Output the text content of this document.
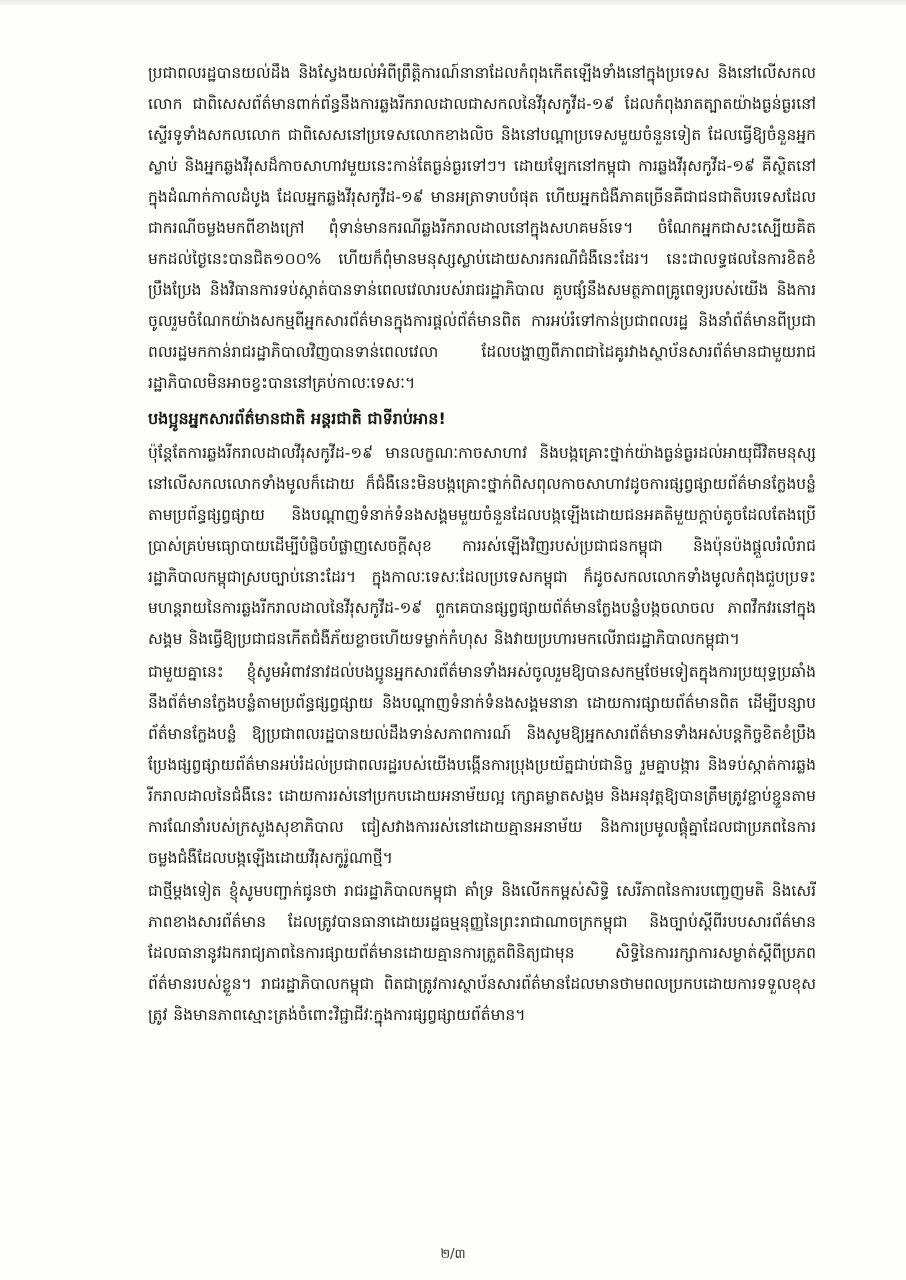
ប្រជាពលរដ្ឋបានយល់ដឹង និងស្វែងយល់អំពីព្រឹត្តិការណ៍នានាដែលកំពុងកើតឡើងទាំងនៅក្នុងប្រទេស និងនៅលើសកលលោក ជាពិសេសព័ត៌មានពាក់ព័ន្ធនឹងការឆ្លងរីករាលដាលជាសកលនៃវីរុសកូវីដ-១៩ ដែលកំពុងរាតត្បាតយ៉ាងធ្ងន់ធ្ងរនៅស្ទើរទូទាំងសកលលោក ជាពិសេសនៅប្រទេសលោកខាងលិច និងនៅបណ្តាប្រទេសមួយចំនួនទៀត ដែលធ្វើឱ្យចំនួនអ្នកស្លាប់ និងអ្នកឆ្លងវីរុសដ៏កាចសាហាវមួយនេះកាន់តែធ្ងន់ធ្ងរទៅៗ។ ដោយឡែកនៅកម្ពុជា ការឆ្លងវីរុសកូវីដ-១៩ គឺស្ថិតនៅក្នុងដំណាក់កាលដំបូង ដែលអ្នកឆ្លងវីរុសកូវីដ-១៩ មានអត្រាទាបបំផុត ហើយអ្នកជំងឺភាគច្រើនគឺជាជនជាតិបរទេសដែលជាករណីចម្លងមកពីខាងក្រៅ ពុំទាន់មានករណីឆ្លងរីករាលដាលនៅក្នុងសហគមន៍ទេ។ ចំណែកអ្នកជាសះស្បើយគិតមកដល់ថ្ងៃនេះបានជិត១០០% ហើយក៏ពុំមានមនុស្សស្លាប់ដោយសារករណីជំងឺនេះដែរ។ នេះជាលទ្ធផលនៃការខិតខំប្រឹងប្រែង និងវិធានការទប់ស្កាត់បានទាន់ពេលវេលារបស់រាជរដ្ឋាភិបាល គួបផ្សំនឹងសមត្ថភាពគ្រូពេទ្យរបស់យើង និងការចូលរួមចំណែកយ៉ាងសកម្មពីអ្នកសារព័ត៌មានក្នុងការផ្តល់ព័ត៌មានពិត ការអប់រំទៅកាន់ប្រជាពលរដ្ឋ និងនាំព័ត៌មានពីប្រជាពលរដ្ឋមកកាន់រាជរដ្ឋាភិបាលវិញបានទាន់ពេលវេលា ដែលបង្ហាញពីភាពជាដៃគូរវាងស្ថាប័នសារព័ត៌មានជាមួយរាជរដ្ឋាភិបាលមិនអាចខ្វះបាននៅគ្រប់កាលៈទេសៈ។

បងប្អូនអ្នកសារព័ត៌មានជាតិ អន្តរជាតិ ជាទីរាប់អាន!

ប៉ុន្តែតែការឆ្លងរីករាលដាលវីរុសកូវីដ-១៩ មានលក្ខណៈកាចសាហាវ និងបង្កគ្រោះថ្នាក់យ៉ាងធ្ងន់ធ្ងរដល់អាយុជីវិតមនុស្សនៅលើសកលលោកទាំងមូលក៏ដោយ ក៏ជំងឺនេះមិនបង្កគ្រោះថ្នាក់ពិសពុលកាចសាហាវដូចការផ្សព្វផ្សាយព័ត៌មានក្លែងបន្លំតាមប្រព័ន្ធផ្សព្វផ្សាយ និងបណ្តាញទំនាក់ទំនងសង្គមមួយចំនួនដែលបង្កឡើងដោយជនអគតិមួយក្តាប់តូចដែលតែងប្រើប្រាស់គ្រប់មធ្យោបាយដើម្បីបំផ្លិចបំផ្លាញសេចក្តីសុខ ការរស់ឡើងវិញរបស់ប្រជាជនកម្ពុជា និងប៉ុនប៉ងផ្តួលរំលំរាជរដ្ឋាភិបាលកម្ពុជាស្របច្បាប់នោះដែរ។ ក្នុងកាលៈទេសៈដែលប្រទេសកម្ពុជា ក៏ដូចសកលលោកទាំងមូលកំពុងជួបប្រទះមហន្តរាយនៃការឆ្លងរីករាលដាលនៃវីរុសកូវីដ-១៩ ពួកគេបានផ្សព្វផ្សាយព័ត៌មានក្លែងបន្លំបង្កចលាចល ភាពវឹកវរនៅក្នុងសង្គម និងធ្វើឱ្យប្រជាជនកើតជំងឺភ័យខ្លាចហើយទម្លាក់កំហុស និងវាយប្រហារមកលើរាជរដ្ឋាភិបាលកម្ពុជា។

ជាមួយគ្នានេះ ខ្ញុំសូមអំពាវនាវដល់បងប្អូនអ្នកសារព័ត៌មានទាំងអស់ចូលរួមឱ្យបានសកម្មថែមទៀតក្នុងការប្រយុទ្ធប្រឆាំងនឹងព័ត៌មានក្លែងបន្លំតាមប្រព័ន្ធផ្សព្វផ្សាយ និងបណ្តាញទំនាក់ទំនងសង្គមនានា ដោយការផ្សាយព័ត៌មានពិត ដើម្បីបន្សាបព័ត៌មានក្លែងបន្លំ ឱ្យប្រជាពលរដ្ឋបានយល់ដឹងទាន់សភាពការណ៍ និងសូមឱ្យអ្នកសារព័ត៌មានទាំងអស់បន្តកិច្ចខិតខំប្រឹងប្រែងផ្សព្វផ្សាយព័ត៌មានអប់រំដល់ប្រជាពលរដ្ឋរបស់យើងបង្កើនការប្រុងប្រយ័ត្នជាប់ជានិច្ច រួមគ្នាបង្ការ និងទប់ស្កាត់ការឆ្លងរីករាលដាលនៃជំងឺនេះ ដោយការរស់នៅប្រកបដោយអនាម័យល្អ ក្សោគម្លាតសង្គម និងអនុវត្តឱ្យបានត្រឹមត្រូវខ្ជាប់ខ្ជួនតាមការណែនាំរបស់ក្រសួងសុខាភិបាល ជៀសវាងការរស់នៅដោយគ្មានអនាម័យ និងការប្រមូលផ្តុំគ្នាដែលជាប្រភពនៃការចម្លងជំងឺដែលបង្កឡើងដោយវីរុសកូរ៉ូណាថ្មី។

ជាថ្មីម្តងទៀត ខ្ញុំសូមបញ្ជាក់ជូនថា រាជរដ្ឋាភិបាលកម្ពុជា គាំទ្រ និងលើកកម្ពស់សិទ្ធិ សេរីភាពនៃការបញ្ចេញមតិ និងសេរីភាពខាងសារព័ត៌មាន ដែលត្រូវបានធានាដោយរដ្ឋធម្មនុញ្ញនៃព្រះរាជាណាចក្រកម្ពុជា និងច្បាប់ស្តីពីរបបសារព័ត៌មាន ដែលធានានូវឯករាជ្យភាពនៃការផ្សាយព័ត៌មានដោយគ្មានការត្រួតពិនិត្យជាមុន សិទ្ធិនៃការរក្សាការសម្ងាត់ស្តីពីប្រភពព័ត៌មានរបស់ខ្លួន។ រាជរដ្ឋាភិបាលកម្ពុជា ពិតជាត្រូវការស្ថាប័នសារព័ត៌មានដែលមានថាមពលប្រកបដោយការទទួលខុសត្រូវ និងមានភាពស្មោះត្រង់ចំពោះវិជ្ជាជីវៈក្នុងការផ្សព្វផ្សាយព័ត៌មាន។

២/៣
